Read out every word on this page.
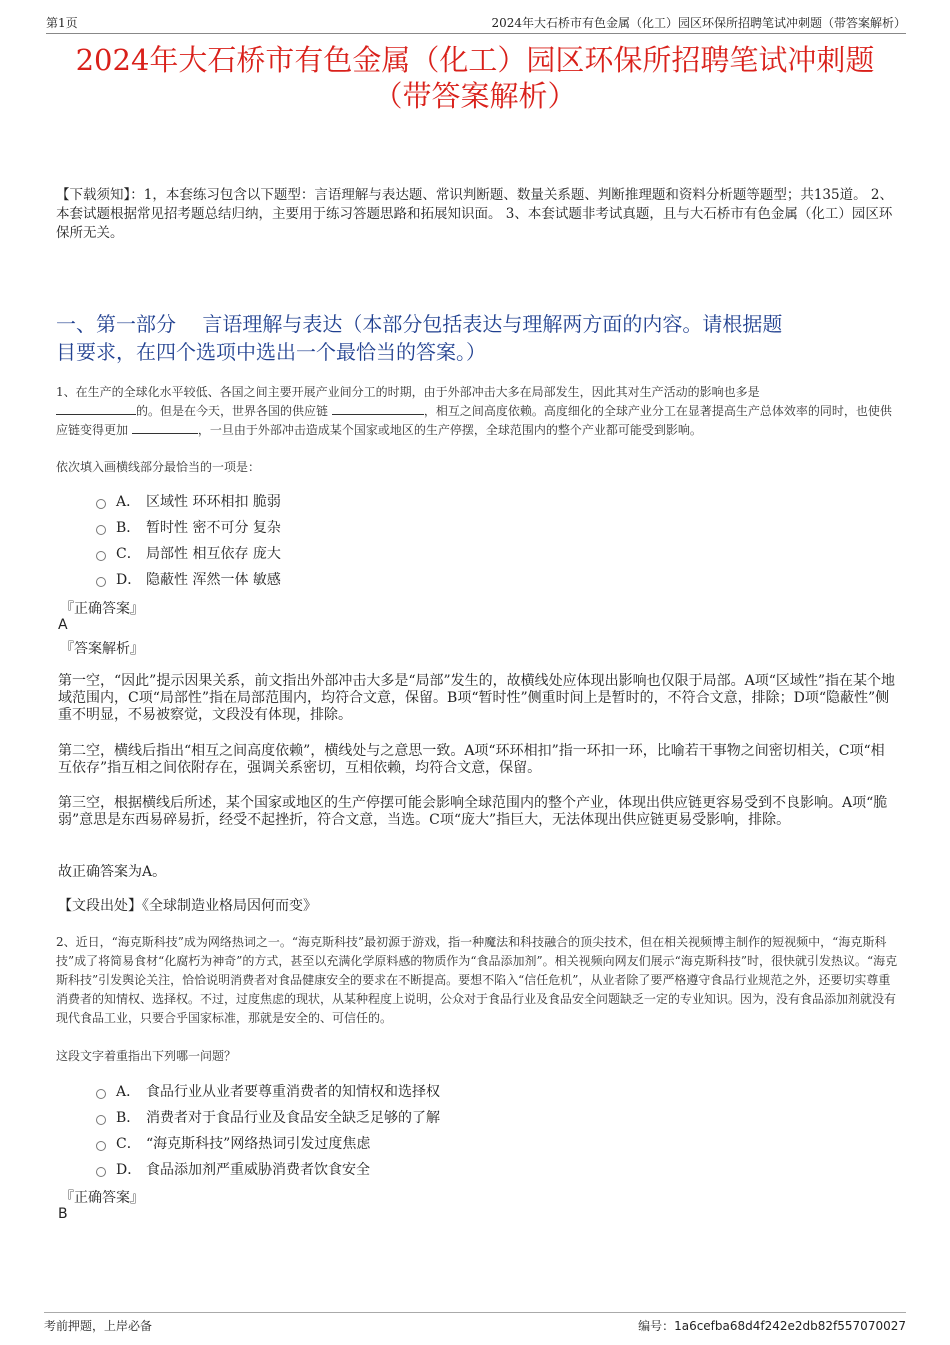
第1页	2024年大石桥市有色金属（化工）园区环保所招聘笔试冲刺题（带答案解析）
2024年大石桥市有色金属（化工）园区环保所招聘笔试冲刺题
（带答案解析）
【下载须知】：1，本套练习包含以下题型：言语理解与表达题、常识判断题、数量关系题、判断推理题和资料分析题等题型；共135道。 2、本套试题根据常见招考题总结归纳，主要用于练习答题思路和拓展知识面。 3、本套试题非考试真题，且与大石桥市有色金属（化工）园区环保所无关。
一、第一部分　 言语理解与表达（本部分包括表达与理解两方面的内容。请根据题
目要求，在四个选项中选出一个最恰当的答案。）
1、在生产的全球化水平较低、各国之间主要开展产业间分工的时期，由于外部冲击大多在局部发生，因此其对生产活动的影响也多是
的。但是在今天，世界各国的供应链	，相互之间高度依赖。高度细化的全球产业分工在显著提高生产总体效率的同时，也使供应链变得更加	，一旦由于外部冲击造成某个国家或地区的生产停摆，全球范围内的整个产业都可能受到影响。
依次填入画横线部分最恰当的一项是：
A． 区域性 环环相扣 脆弱
B． 暂时性 密不可分 复杂
C． 局部性 相互依存 庞大
D． 隐蔽性 浑然一体 敏感
『正确答案』
A
『答案解析』
第一空，“因此”提示因果关系，前文指出外部冲击大多是“局部”发生的，故横线处应体现出影响也仅限于局部。A项“区域性”指在某个地域范围内，C项“局部性”指在局部范围内，均符合文意，保留。B项“暂时性”侧重时间上是暂时的，不符合文意，排除；D项“隐蔽性”侧重不明显，不易被察觉，文段没有体现，排除。
第二空，横线后指出“相互之间高度依赖”，横线处与之意思一致。A项“环环相扣”指一环扣一环，比喻若干事物之间密切相关，C项“相互依存”指互相之间依附存在，强调关系密切，互相依赖，均符合文意，保留。
第三空，根据横线后所述，某个国家或地区的生产停摆可能会影响全球范围内的整个产业，体现出供应链更容易受到不良影响。A项“脆弱”意思是东西易碎易折，经受不起挫折，符合文意，当选。C项“庞大”指巨大，无法体现出供应链更易受影响，排除。
故正确答案为A。
【文段出处】《全球制造业格局因何而变》
2、近日，“海克斯科技”成为网络热词之一。“海克斯科技”最初源于游戏，指一种魔法和科技融合的顶尖技术，但在相关视频博主制作的短视频中，“海克斯科技”成了将简易食材“化腐朽为神奇”的方式，甚至以充满化学原料感的物质作为“食品添加剂”。相关视频向网友们展示“海克斯科技”时，很快就引发热议。“海克斯科技”引发舆论关注，恰恰说明消费者对食品健康安全的要求在不断提高。要想不陷入“信任危机”，从业者除了要严格遵守食品行业规范之外，还要切实尊重消费者的知情权、选择权。不过，过度焦虑的现状，从某种程度上说明，公众对于食品行业及食品安全问题缺乏一定的专业知识。因为，没有食品添加剂就没有现代食品工业，只要合乎国家标准，那就是安全的、可信任的。
这段文字着重指出下列哪一问题？
A． 食品行业从业者要尊重消费者的知情权和选择权
B． 消费者对于食品行业及食品安全缺乏足够的了解
C． “海克斯科技”网络热词引发过度焦虑
D． 食品添加剂严重威胁消费者饮食安全
『正确答案』
B
考前押题，上岸必备	编号：1a6cefba68d4f242e2db82f557070027
